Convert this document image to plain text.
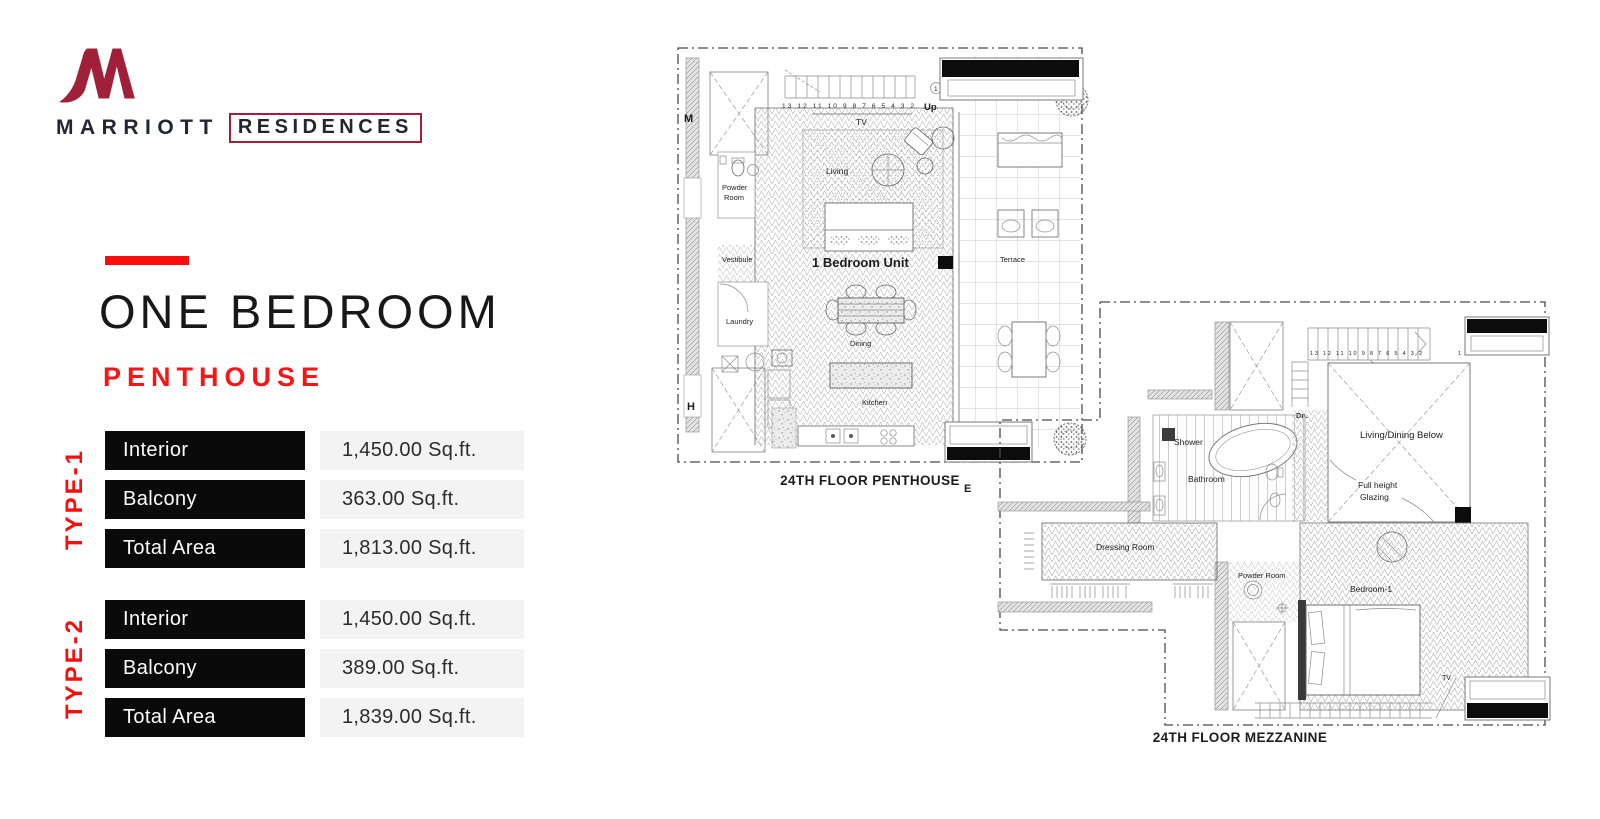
MARRIOTT RESIDENCES
ONE BEDROOM
PENTHOUSE
TYPE-1	Interior	1,450.00 Sq.ft.
Balcony	363.00 Sq.ft.
Total Area	1,813.00 Sq.ft.
TYPE-2	Interior	1,450.00 Sq.ft.
Balcony	389.00 Sq.ft.
Total Area	1,839.00 Sq.ft.
M
H
13 12 11 10 9 8 7 6 5 4 3 2
1
Up
TV
Living
Powder
Room
Vestibule
Laundry
1 Bedroom Unit
Dining
Kitchen
Terrace
24TH FLOOR PENTHOUSE
13 12 11 10 9 8 7 6 5 4 3 2	1
Living/Dining Below
Full height
Glazing
Shower
Bathroom
Dressing Room
Powder Room
Bedroom-1
TV
E
24TH FLOOR MEZZANINE
